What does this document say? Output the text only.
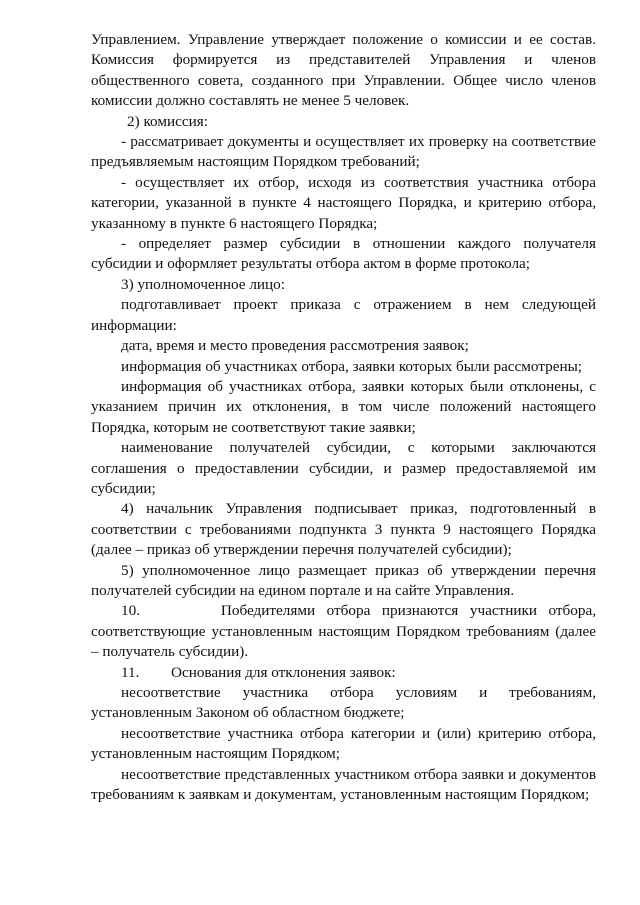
Управлением. Управление утверждает положение о комиссии и ее состав. Комиссия формируется из представителей Управления и членов общественного совета, созданного при Управлении. Общее число членов комиссии должно составлять не менее 5 человек.

2) комиссия:

- рассматривает документы и осуществляет их проверку на соответствие предъявляемым настоящим Порядком требований;

- осуществляет их отбор, исходя из соответствия участника отбора категории, указанной в пункте 4 настоящего Порядка, и критерию отбора, указанному в пункте 6 настоящего Порядка;

- определяет размер субсидии в отношении каждого получателя субсидии и оформляет результаты отбора актом в форме протокола;

3) уполномоченное лицо:

подготавливает проект приказа с отражением в нем следующей информации:

дата, время и место проведения рассмотрения заявок;

информация об участниках отбора, заявки которых были рассмотрены;

информация об участниках отбора, заявки которых были отклонены, с указанием причин их отклонения, в том числе положений настоящего Порядка, которым не соответствуют такие заявки;

наименование получателей субсидии, с которыми заключаются соглашения о предоставлении субсидии, и размер предоставляемой им субсидии;

4) начальник Управления подписывает приказ, подготовленный в соответствии с требованиями подпункта 3 пункта 9 настоящего Порядка (далее – приказ об утверждении перечня получателей субсидии);

5) уполномоченное лицо размещает приказ об утверждении перечня получателей субсидии на едином портале и на сайте Управления.

10.       Победителями отбора признаются участники отбора, соответствующие установленным настоящим Порядком требованиям (далее – получатель субсидии).

11.	Основания для отклонения заявок:

несоответствие участника отбора условиям и требованиям, установленным Законом об областном бюджете;

несоответствие участника отбора категории и (или) критерию отбора, установленным настоящим Порядком;

несоответствие представленных участником отбора заявки и документов требованиям к заявкам и документам, установленным настоящим Порядком;
